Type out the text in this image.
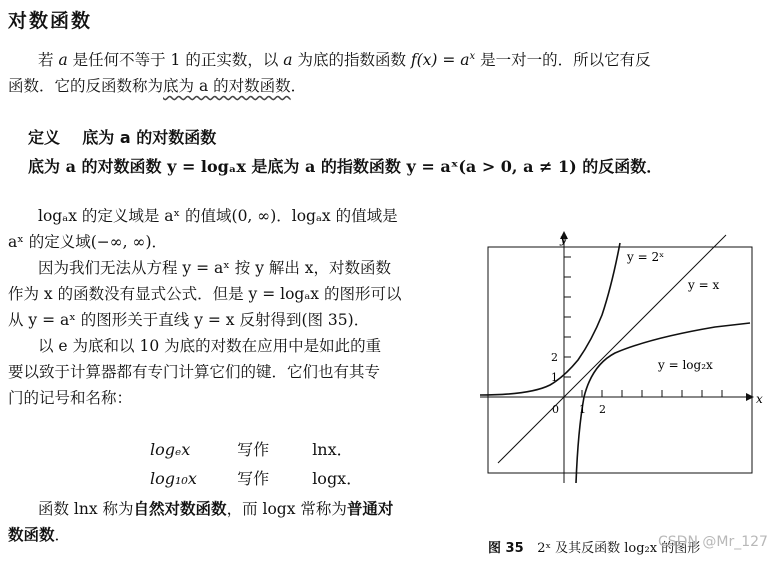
对数函数
若 a 是任何不等于 1 的正实数，以 a 为底的指数函数 $f(x) = a^x$ 是一对一的．所以它有反
函数．它的反函数称为底为 a 的对数函数．
定义 底为 a 的对数函数
底为 a 的对数函数 y = logₐx 是底为 a 的指数函数 y = aˣ(a > 0, a ≠ 1) 的反函数．
logₐx 的定义域是 aˣ 的值域(0, ∞)．logₐx 的值域是
aˣ 的定义域(−∞, ∞)．
因为我们无法从方程 y = aˣ 按 y 解出 x，对数函数
作为 x 的函数没有显式公式．但是 y = logₐx 的图形可以
从 y = aˣ 的图形关于直线 y = x 反射得到(图 35)．
以 e 为底和以 10 为底的对数在应用中是如此的重
要以致于计算器都有专门计算它们的键．它们也有其专
门的记号和名称：
logₑx	写作	lnx．
log₁₀x	写作	logx．
函数 lnx 称为自然对数函数，而 logx 常称为普通对
数函数．
y
x
y = 2ˣ
y = x
y = log₂x
2
1
0 1 2
图 35 2ˣ 及其反函数 log₂x 的图形
CSDN @Mr_127
